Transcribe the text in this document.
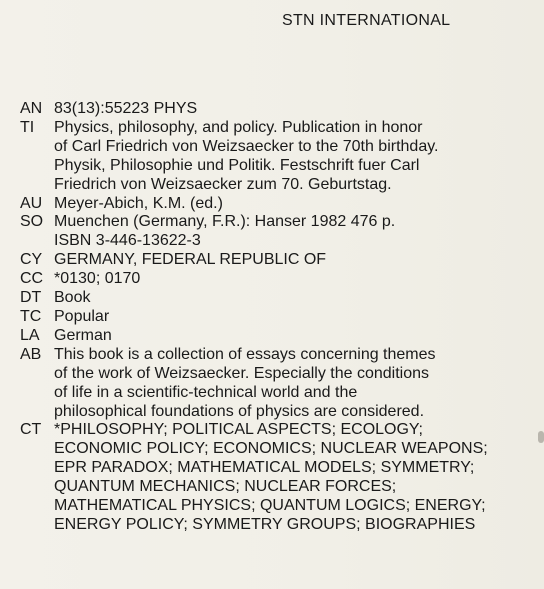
STN INTERNATIONAL
AN 83(13):55223 PHYS
TI	Physics, philosophy, and policy. Publication in honor
of Carl Friedrich von Weizsaecker to the 70th birthday.
Physik, Philosophie und Politik. Festschrift fuer Carl
Friedrich von Weizsaecker zum 70. Geburtstag.
AU Meyer-Abich, K.M. (ed.)
SO Muenchen (Germany, F.R.): Hanser 1982 476 p.
ISBN 3-446-13622-3
CY GERMANY, FEDERAL REPUBLIC OF
CC *0130; 0170
DT Book
TC Popular
LA German
AB This book is a collection of essays concerning themes
of the work of Weizsaecker. Especially the conditions
of life in a scientific-technical world and the
philosophical foundations of physics are considered.
CT *PHILOSOPHY; POLITICAL ASPECTS; ECOLOGY;
ECONOMIC POLICY; ECONOMICS; NUCLEAR WEAPONS;
EPR PARADOX; MATHEMATICAL MODELS; SYMMETRY;
QUANTUM MECHANICS; NUCLEAR FORCES;
MATHEMATICAL PHYSICS; QUANTUM LOGICS; ENERGY;
ENERGY POLICY; SYMMETRY GROUPS; BIOGRAPHIES
